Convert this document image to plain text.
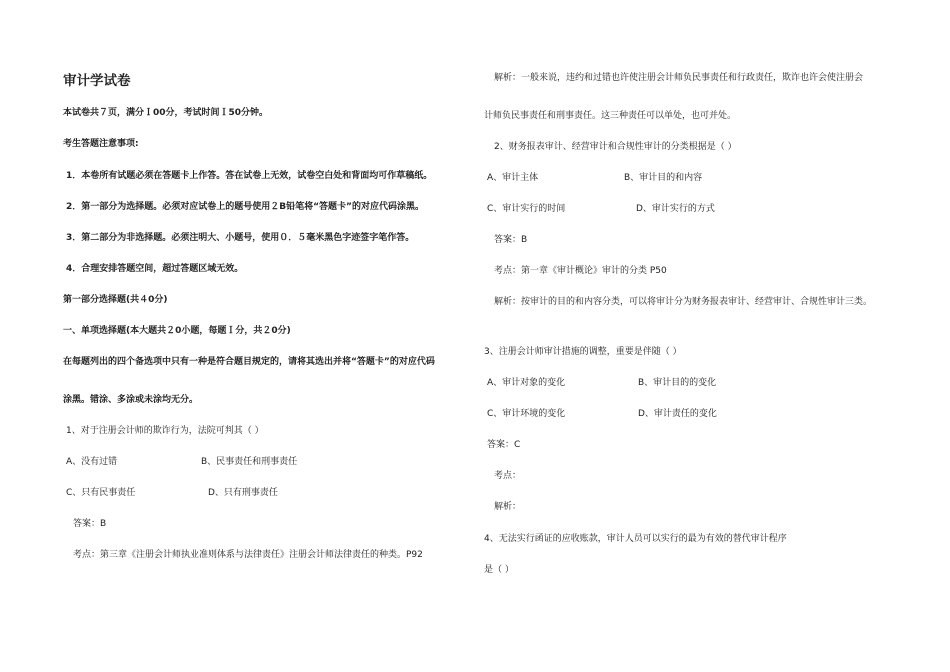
审计学试卷
本试卷共７页，满分Ｉ00分，考试时间Ｉ50分钟。
考生答题注意事项:
1．本卷所有试题必须在答题卡上作答。答在试卷上无效，试卷空白处和背面均可作草稿纸。
2．第一部分为选择题。必须对应试卷上的题号使用２B铅笔将“答题卡”的对应代码涂黑。
3．第二部分为非选择题。必须注明大、小题号，使用０．５毫米黑色字迹签字笔作答。
4．合理安排答题空间，超过答题区域无效。
第一部分选择题(共４0分)
一、单项选择题(本大题共２0小题，每题Ｉ分，共２0分)
在每题列出的四个备选项中只有一种是符合题目规定的，请将其选出并将“答题卡”的对应代码
涂黑。错涂、多涂或未涂均无分。
1、对于注册会计师的欺诈行为，法院可判其（ ）
A、没有过错	B、民事责任和刑事责任
C、只有民事责任	D、只有刑事责任
答案：B
考点：第三章《注册会计师执业准则体系与法律责任》注册会计师法律责任的种类。P92
解析：一般来说，违约和过错也许使注册会计师负民事责任和行政责任，欺诈也许会使注册会
计师负民事责任和刑事责任。这三种责任可以单处，也可并处。
2、财务报表审计、经营审计和合规性审计的分类根据是（ ）
A、审计主体	B、审计目的和内容
C、审计实行的时间	D、审计实行的方式
答案：B
考点：第一章《审计概论》审计的分类 P50
解析：按审计的目的和内容分类，可以将审计分为财务报表审计、经营审计、合规性审计三类。
3、注册会计师审计措施的调整，重要是伴随（ ）
A、审计对象的变化	B、审计目的的变化
C、审计环境的变化	D、审计责任的变化
答案：C
考点：
解析：
4、无法实行函证的应收账款，审计人员可以实行的最为有效的替代审计程序
是（ ）
